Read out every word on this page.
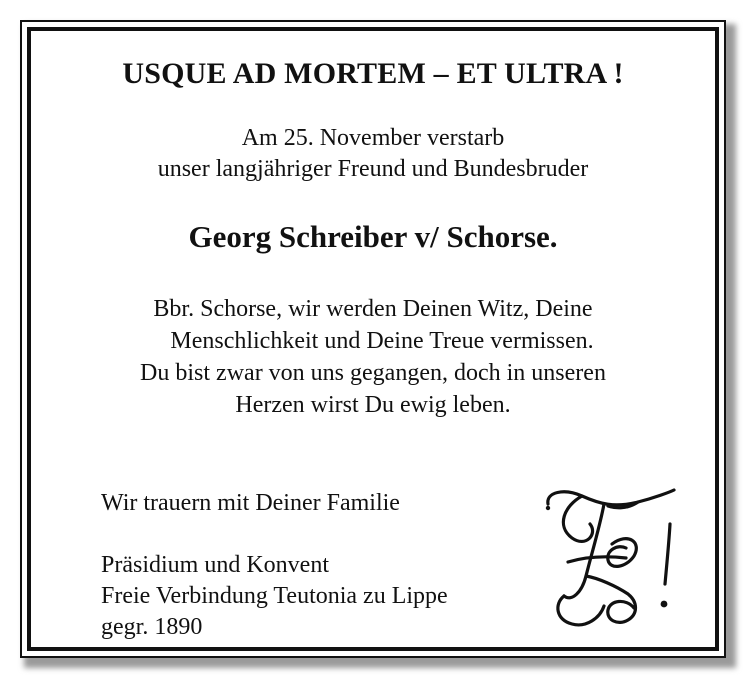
USQUE AD MORTEM – ET ULTRA !
Am 25. November verstarb
unser langjähriger Freund und Bundesbruder
Georg Schreiber v/ Schorse.
Bbr. Schorse, wir werden Deinen Witz, Deine
Menschlichkeit und Deine Treue vermissen.
Du bist zwar von uns gegangen, doch in unseren
Herzen wirst Du ewig leben.
Wir trauern mit Deiner Familie
Präsidium und Konvent
Freie Verbindung Teutonia zu Lippe
gegr. 1890
